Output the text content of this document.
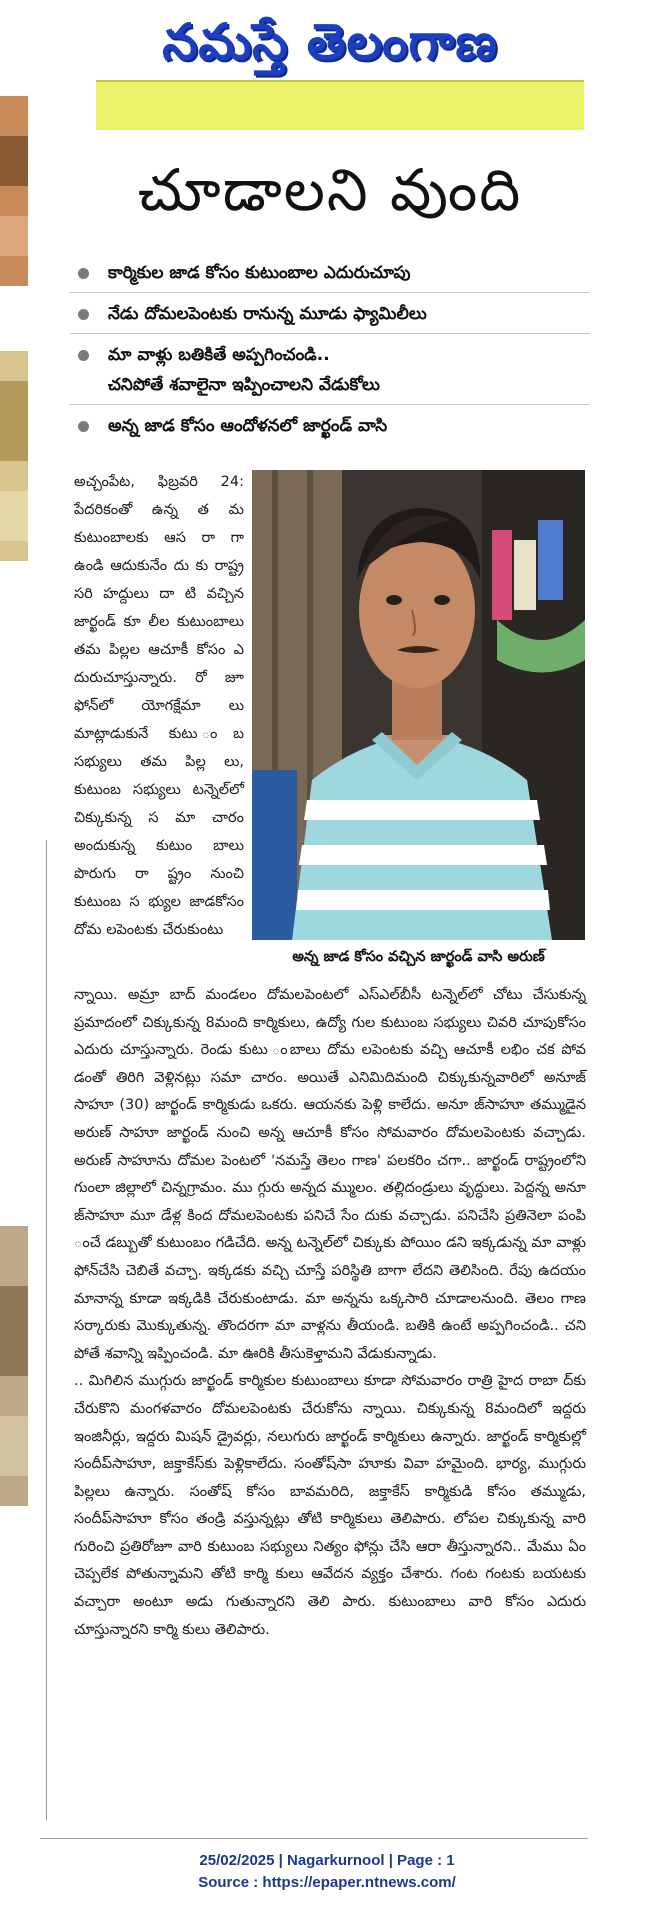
నమస్తే తెలంగాణ
చూడాలని వుంది
కార్మికుల జాడ కోసం కుటుంబాల ఎదురుచూపు
నేడు దోమలపెంటకు రానున్న మూడు ఫ్యామిలీలు
మా వాళ్లు బతికితే అప్పగించండి..
చనిపోతే శవాలైనా ఇప్పించాలని వేడుకోలు
అన్న జాడ కోసం ఆందోళనలో జార్ఖండ్ వాసి
అచ్చంపేట, ఫిబ్రవరి 24: పేదరికంతో ఉన్న త మ కుటుంబాలకు ఆస రా గా ఉండి ఆదుకునేం దు కు రాష్ట్ర సరి హద్దులు దా టి వచ్చిన జార్ఖండ్ కూ లీల కుటుంబాలు తమ పిల్లల ఆచూకీ కోసం ఎ దురుచూస్తున్నారు. రో జూ ఫోన్‌లో యోగక్షేమా లు మాట్లాడుకునే కుటు ంబ సభ్యులు తమ పిల్ల లు, కుటుంబ సభ్యులు టన్నెల్‌లో చిక్కుకున్న స మా చారం అందుకున్న కుటుం బాలు పొరుగు రా ష్ట్రం నుంచి కుటుంబ స భ్యుల జాడకోసం దోమ లపెంటకు చేరుకుంటు
అన్న జాడ కోసం వచ్చిన జార్ఖండ్ వాసి అరుణ్

న్నాయి. అమ్రా బాద్ మండలం దోమలపెంటలో ఎస్ఎల్‌బీసీ టన్నెల్‌లో చోటు చేసుకున్న ప్రమాదంలో చిక్కుకున్న 8మంది కార్మికులు, ఉద్యో గుల కుటుంబ సభ్యులు చివరి చూపుకోసం ఎదురు చూస్తున్నారు. రెండు కుటు ంబాలు దోమ లపెంటకు వచ్చి ఆచూకీ లభిం చక పోవ డంతో తిరిగి వెళ్లినట్లు సమా చారం. అయితే ఎనిమిదిమంది చిక్కుకున్నవారిలో అనూజ్ సాహూ (30) జార్ఖండ్ కార్మికుడు ఒకరు. ఆయనకు పెళ్లి కాలేదు. అనూ జ్‌సాహూ తమ్ముడైన అరుణ్ సాహూ జార్ఖండ్ నుంచి అన్న ఆచూకీ కోసం సోమవారం దోమలపెంటకు వచ్చాడు. అరుణ్ సాహూను దోమల పెంటలో 'నమస్తే తెలం గాణ' పలకరిం చగా.. జార్ఖండ్ రాష్ట్రంలోని గుంలా జిల్లాలో చిన్నగ్రామం. ము గ్గురు అన్నద మ్ములం. తల్లిదండ్రులు వృద్ధులు. పెద్దన్న అనూ జ్‌సాహూ మూ డేళ్ల కింద దోమలపెంటకు పనిచే సేం దుకు వచ్చాడు. పనిచేసి ప్రతినెలా పంపి ంచే డబ్బుతో కుటుంబం గడిచేది. అన్న టన్నెల్‌లో చిక్కుకు పోయిం డని ఇక్కడున్న మా వాళ్లు ఫోన్‌చేసి చెబితే వచ్చా. ఇక్కడకు వచ్చి చూస్తే పరిస్థితి బాగా లేదని తెలిసింది. రేపు ఉదయం మానాన్న కూడా ఇక్కడికి చేరుకుంటాడు. మా అన్నను ఒక్కసారి చూడాలనుంది. తెలం గాణ సర్కారుకు మొక్కుతున్న. తొందరగా మా వాళ్లను తీయండి. బతికి ఉంటే అప్పగించండి.. చని పోతే శవాన్ని ఇప్పించండి. మా ఊరికి తీసుకెళ్తామని వేడుకున్నాడు.

.. మిగిలిన ముగ్గురు జార్ఖండ్ కార్మికుల కుటుంబాలు కూడా సోమవారం రాత్రి హైద రాబా ద్‌కు చేరుకొని మంగళవారం దోమలపెంటకు చేరుకోను న్నాయి. చిక్కుకున్న 8మందిలో ఇద్దరు ఇంజినీర్లు, ఇద్దరు మిషన్ డ్రైవర్లు, నలుగురు జార్ఖండ్ కార్మికులు ఉన్నారు. జార్ఖండ్ కార్మికుల్లో సందీప్‌సాహూ, జక్తాకేస్‌కు పెళ్లికాలేదు. సంతోష్‌సా హూకు వివా హమైంది. భార్య, ముగ్గురు పిల్లలు ఉన్నారు. సంతోష్ కోసం బావమరిది, జక్తాకేస్ కార్మికుడి కోసం తమ్ముడు, సందీప్‌సాహూ కోసం తండ్రి వస్తున్నట్లు తోటి కార్మికులు తెలిపారు. లోపల చిక్కుకున్న వారి గురించి ప్రతిరోజూ వారి కుటుంబ సభ్యులు నిత్యం ఫోన్లు చేసి ఆరా తీస్తున్నారని.. మేము ఏం చెప్పలేక పోతున్నామని తోటి కార్మి కులు ఆవేదన వ్యక్తం చేశారు. గంట గంటకు బయటకు వచ్చారా అంటూ అడు గుతున్నారని తెలి పారు. కుటుంబాలు వారి కోసం ఎదురు చూస్తున్నారని కార్మి కులు తెలిపారు.

25/02/2025 | Nagarkurnool | Page : 1
Source : https://epaper.ntnews.com/
